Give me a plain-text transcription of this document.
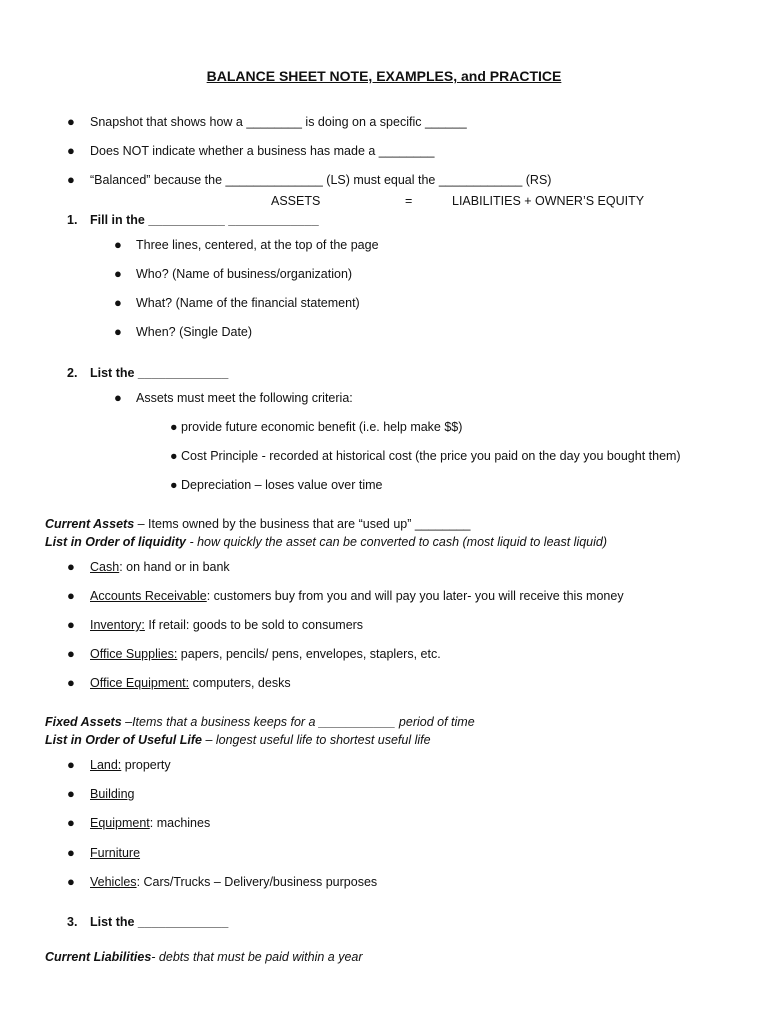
BALANCE SHEET NOTE, EXAMPLES, and PRACTICE
● Snapshot that shows how a ________ is doing on a specific ______
● Does NOT indicate whether a business has made a ________
● “Balanced” because the ______________ (LS) must equal the ____________ (RS)
ASSETS	=	LIABILITIES + OWNER’S EQUITY
1. Fill in the ___________ _____________
● Three lines, centered, at the top of the page
● Who? (Name of business/organization)
● What? (Name of the financial statement)
● When? (Single Date)
2. List the _____________
● Assets must meet the following criteria:
● provide future economic benefit (i.e. help make $$)
● Cost Principle - recorded at historical cost (the price you paid on the day you bought them)
● Depreciation – loses value over time
Current Assets – Items owned by the business that are “used up” ________
List in Order of liquidity - how quickly the asset can be converted to cash (most liquid to least liquid)
● Cash: on hand or in bank
● Accounts Receivable: customers buy from you and will pay you later- you will receive this money
● Inventory: If retail: goods to be sold to consumers
● Office Supplies: papers, pencils/ pens, envelopes, staplers, etc.
● Office Equipment: computers, desks
Fixed Assets –Items that a business keeps for a ___________ period of time
List in Order of Useful Life – longest useful life to shortest useful life
● Land: property
● Building
● Equipment: machines
● Furniture
● Vehicles: Cars/Trucks – Delivery/business purposes
3. List the _____________
Current Liabilities- debts that must be paid within a year
